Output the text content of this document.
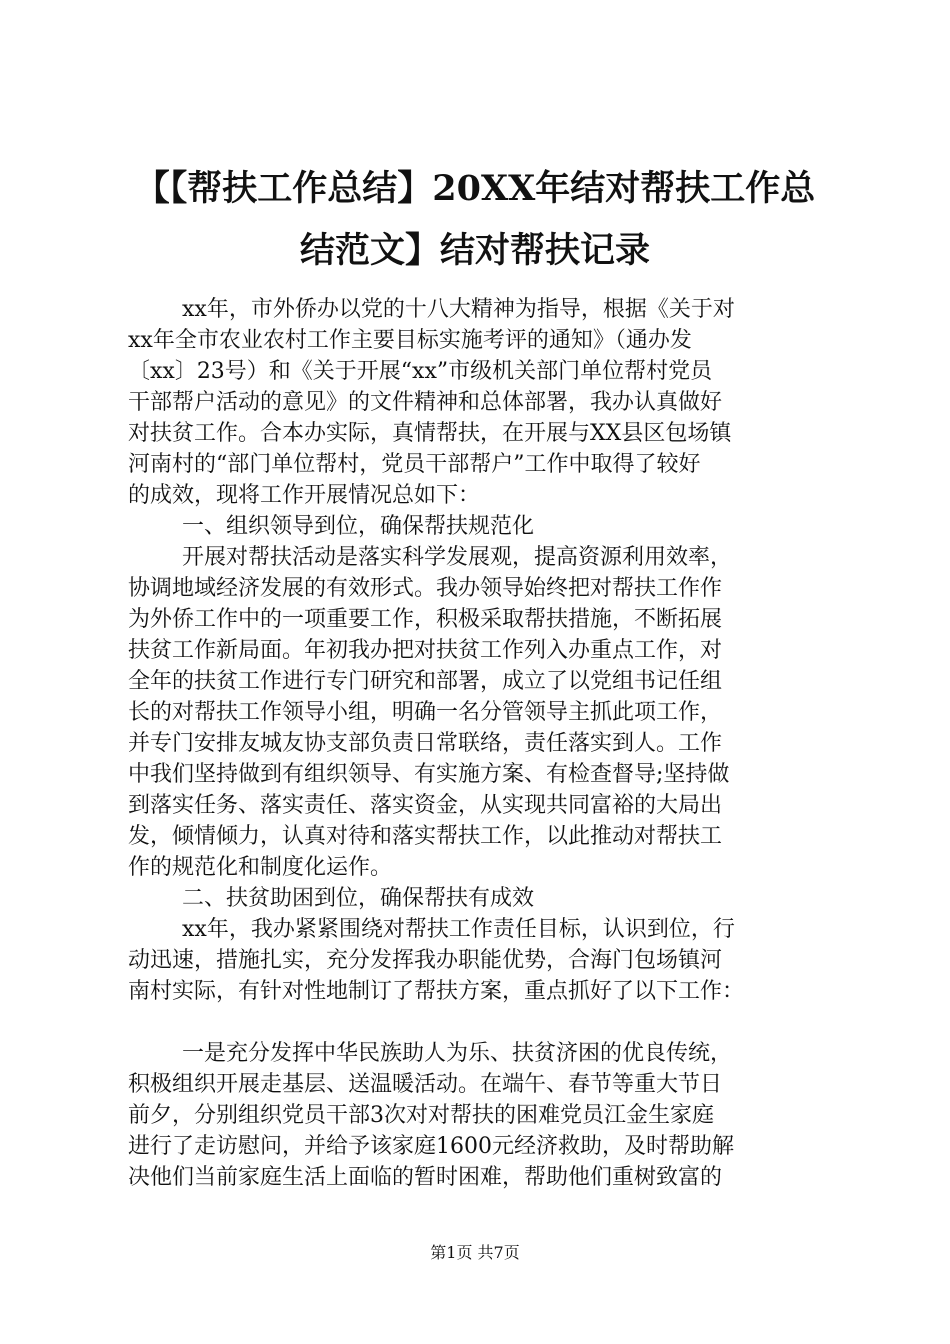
【【帮扶工作总结】20XX年结对帮扶工作总
结范文】结对帮扶记录
xx年，市外侨办以党的十八大精神为指导，根据《关于对
xx年全市农业农村工作主要目标实施考评的通知》（通办发
〔xx〕23号）和《关于开展“xx”市级机关部门单位帮村党员
干部帮户活动的意见》的文件精神和总体部署，我办认真做好
对扶贫工作。合本办实际，真情帮扶，在开展与XX县区包场镇
河南村的“部门单位帮村，党员干部帮户”工作中取得了较好
的成效，现将工作开展情况总如下：
一、组织领导到位，确保帮扶规范化
开展对帮扶活动是落实科学发展观，提高资源利用效率，
协调地域经济发展的有效形式。我办领导始终把对帮扶工作作
为外侨工作中的一项重要工作，积极采取帮扶措施，不断拓展
扶贫工作新局面。年初我办把对扶贫工作列入办重点工作，对
全年的扶贫工作进行专门研究和部署，成立了以党组书记任组
长的对帮扶工作领导小组，明确一名分管领导主抓此项工作，
并专门安排友城友协支部负责日常联络，责任落实到人。工作
中我们坚持做到有组织领导、有实施方案、有检查督导;坚持做
到落实任务、落实责任、落实资金，从实现共同富裕的大局出
发，倾情倾力，认真对待和落实帮扶工作，以此推动对帮扶工
作的规范化和制度化运作。
二、扶贫助困到位，确保帮扶有成效
xx年，我办紧紧围绕对帮扶工作责任目标，认识到位，行
动迅速，措施扎实，充分发挥我办职能优势，合海门包场镇河
南村实际，有针对性地制订了帮扶方案，重点抓好了以下工作：
一是充分发挥中华民族助人为乐、扶贫济困的优良传统，
积极组织开展走基层、送温暖活动。在端午、春节等重大节日
前夕，分别组织党员干部3次对对帮扶的困难党员江金生家庭
进行了走访慰问，并给予该家庭1600元经济救助，及时帮助解
决他们当前家庭生活上面临的暂时困难，帮助他们重树致富的
第1页 共7页
